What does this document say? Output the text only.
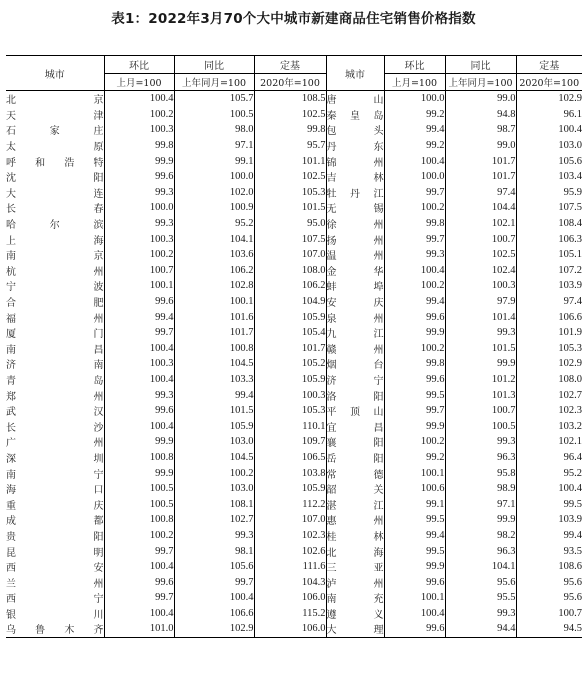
表1：2022年3月70个大中城市新建商品住宅销售价格指数
城市	环比	同比	定基	城市	环比	同比	定基
	上月=100	上年同月=100	2020年=100		上月=100	上年同月=100	2020年=100
北京	100.4	105.7	108.5	唐山	100.0	99.0	102.9
天津	100.2	100.5	102.5	秦皇岛	99.2	94.8	96.1
石家庄	100.3	98.0	99.8	包头	99.4	98.7	100.4
太原	99.8	97.1	95.7	丹东	99.2	99.0	103.0
呼和浩特	99.9	99.1	101.1	锦州	100.4	101.7	105.6
沈阳	99.6	100.0	102.5	吉林	100.0	101.7	103.4
大连	99.3	102.0	105.3	牡丹江	99.7	97.4	95.9
长春	100.0	100.9	101.5	无锡	100.2	104.4	107.5
哈尔滨	99.3	95.2	95.0	徐州	99.8	102.1	108.4
上海	100.3	104.1	107.5	扬州	99.7	100.7	106.3
南京	100.2	103.6	107.0	温州	99.3	102.5	105.1
杭州	100.7	106.2	108.0	金华	100.4	102.4	107.2
宁波	100.1	102.8	106.2	蚌埠	100.2	100.3	103.9
合肥	99.6	100.1	104.9	安庆	99.4	97.9	97.4
福州	99.4	101.6	105.9	泉州	99.6	101.4	106.6
厦门	99.7	101.7	105.4	九江	99.9	99.3	101.9
南昌	100.4	100.8	101.7	赣州	100.2	101.5	105.3
济南	100.3	104.5	105.2	烟台	99.8	99.9	102.9
青岛	100.4	103.3	105.9	济宁	99.6	101.2	108.0
郑州	99.3	99.4	100.3	洛阳	99.5	101.3	102.7
武汉	99.6	101.5	105.3	平顶山	99.7	100.7	102.3
长沙	100.4	105.9	110.1	宜昌	99.9	100.5	103.2
广州	99.9	103.0	109.7	襄阳	100.2	99.3	102.1
深圳	100.8	104.5	106.5	岳阳	99.2	96.3	96.4
南宁	99.9	100.2	103.8	常德	100.1	95.8	95.2
海口	100.5	103.0	105.9	韶关	100.6	98.9	100.4
重庆	100.5	108.1	112.2	湛江	99.1	97.1	99.5
成都	100.8	102.7	107.0	惠州	99.5	99.9	103.9
贵阳	100.2	99.3	102.3	桂林	99.4	98.2	99.4
昆明	99.7	98.1	102.6	北海	99.5	96.3	93.5
西安	100.4	105.6	111.6	三亚	99.9	104.1	108.6
兰州	99.6	99.7	104.3	泸州	99.6	95.6	95.6
西宁	99.7	100.4	106.0	南充	100.1	95.5	95.6
银川	100.4	106.6	115.2	遵义	100.4	99.3	100.7
乌鲁木齐	101.0	102.9	106.0	大理	99.6	94.4	94.5
